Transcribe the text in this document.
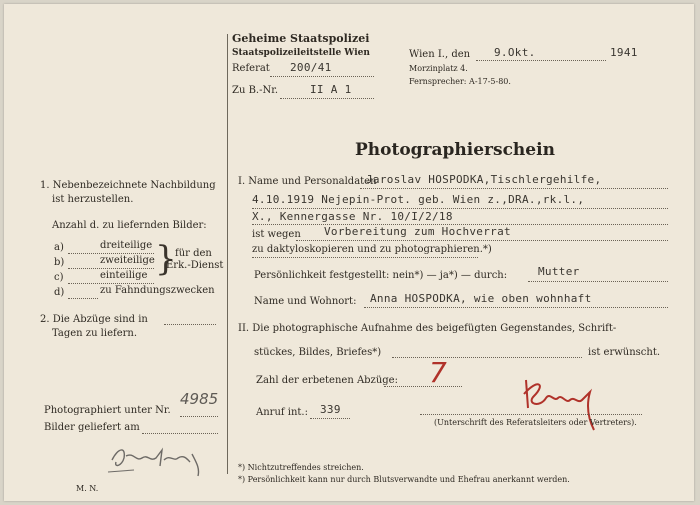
Geheime Staatspolizei
Staatspolizeileitstelle Wien
Referat 200/41
Zu B.-Nr.	II A 1
Wien I., den 9.Okt.	1941
Morzinplatz 4.
Fernsprecher: A-17-5-80.
Photographierschein
1. Nebenbezeichnete Nachbildung
ist herzustellen.
Anzahl d. zu liefernden Bilder:
a)	dreiteilige
b)	zweiteilige
c)	einteilige }
für den
Erk.-Dienst
d)	zu Fahndungszwecken
2. Die Abzüge sind in
Tagen zu liefern.
Photographiert unter Nr.
4985
Bilder geliefert am
M. N.
I. Name und Personaldaten
Jaroslav HOSPODKA,Tischlergehilfe,
4.10.1919 Nejepin-Prot. geb. Wien z.,DRA.,rk.l.,
X., Kennergasse Nr. 10/I/2/18
ist wegen Vorbereitung zum Hochverrat
zu daktyloskopieren und zu photographieren.*)
Persönlichkeit festgestellt: nein*) — ja*) — durch:	Mutter
Name und Wohnort: Anna HOSPODKA, wie oben wohnhaft
II. Die photographische Aufnahme des beigefügten Gegenstandes, Schrift-
stückes, Bildes, Briefes*)	ist erwünscht.
Zahl der erbetenen Abzüge: 7
Anruf int.: 339
(Unterschrift des Referatsleiters oder Vertreters).
*) Nichtzutreffendes streichen.
*) Persönlichkeit kann nur durch Blutsverwandte und Ehefrau anerkannt werden.
